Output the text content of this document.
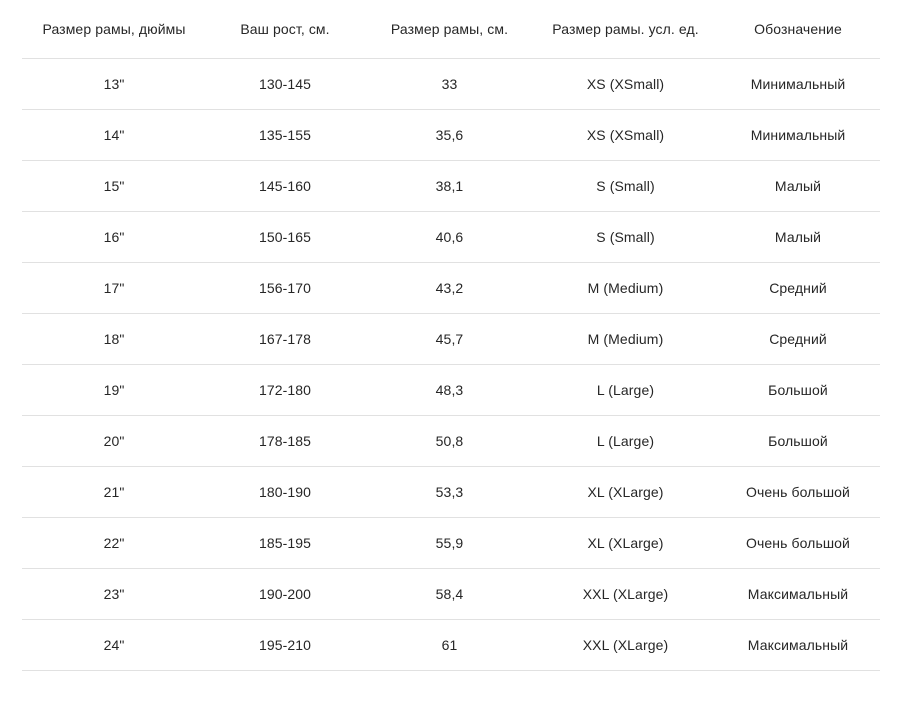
Размер рамы, дюймы	Ваш рост, см.	Размер рамы, см.	Размер рамы. усл. ед.	Обозначение
13"	130-145	33	XS (XSmall)	Минимальный
14"	135-155	35,6	XS (XSmall)	Минимальный
15"	145-160	38,1	S (Small)	Малый
16"	150-165	40,6	S (Small)	Малый
17"	156-170	43,2	M (Medium)	Средний
18"	167-178	45,7	M (Medium)	Средний
19"	172-180	48,3	L (Large)	Большой
20"	178-185	50,8	L (Large)	Большой
21"	180-190	53,3	XL (XLarge)	Очень большой
22"	185-195	55,9	XL (XLarge)	Очень большой
23"	190-200	58,4	XXL (XLarge)	Максимальный
24"	195-210	61	XXL (XLarge)	Максимальный
